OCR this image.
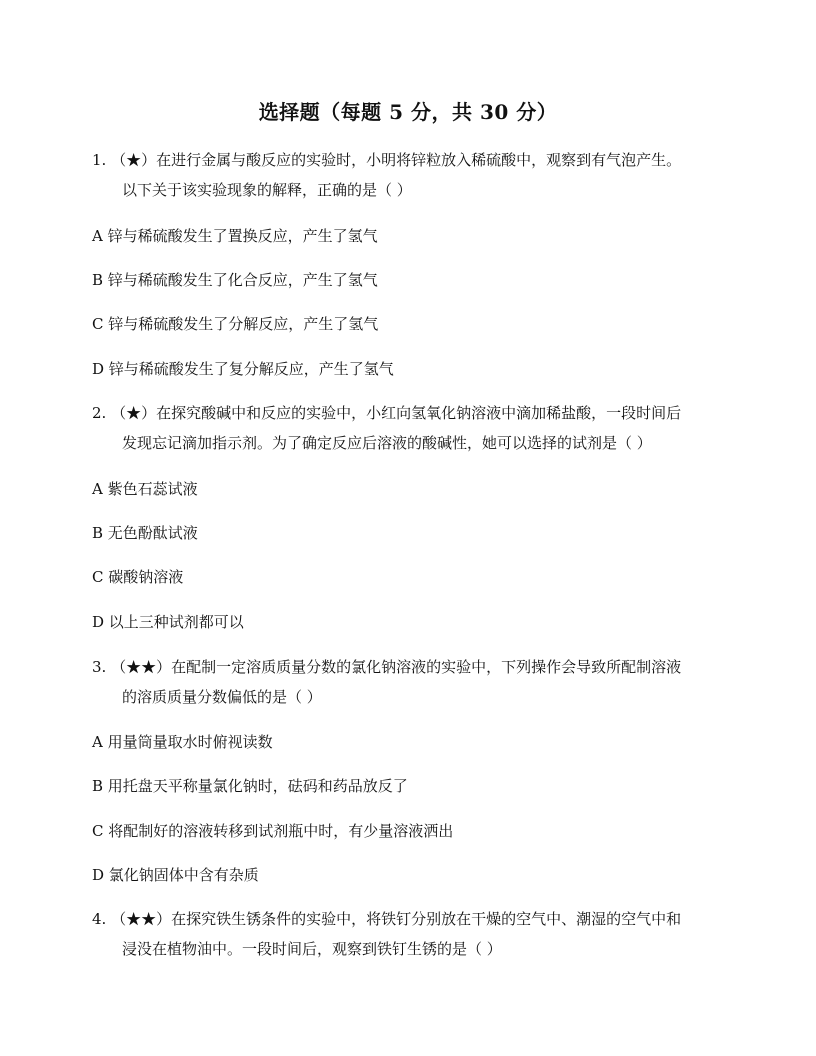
选择题（每题 5 分，共 30 分）
1. （★）在进行金属与酸反应的实验时，小明将锌粒放入稀硫酸中，观察到有气泡产生。
以下关于该实验现象的解释，正确的是（ ）
A 锌与稀硫酸发生了置换反应，产生了氢气
B 锌与稀硫酸发生了化合反应，产生了氢气
C 锌与稀硫酸发生了分解反应，产生了氢气
D 锌与稀硫酸发生了复分解反应，产生了氢气
2. （★）在探究酸碱中和反应的实验中，小红向氢氧化钠溶液中滴加稀盐酸，一段时间后
发现忘记滴加指示剂。为了确定反应后溶液的酸碱性，她可以选择的试剂是（ ）
A 紫色石蕊试液
B 无色酚酞试液
C 碳酸钠溶液
D 以上三种试剂都可以
3. （★★）在配制一定溶质质量分数的氯化钠溶液的实验中，下列操作会导致所配制溶液
的溶质质量分数偏低的是（ ）
A 用量筒量取水时俯视读数
B 用托盘天平称量氯化钠时，砝码和药品放反了
C 将配制好的溶液转移到试剂瓶中时，有少量溶液洒出
D 氯化钠固体中含有杂质
4. （★★）在探究铁生锈条件的实验中，将铁钉分别放在干燥的空气中、潮湿的空气中和
浸没在植物油中。一段时间后，观察到铁钉生锈的是（ ）
